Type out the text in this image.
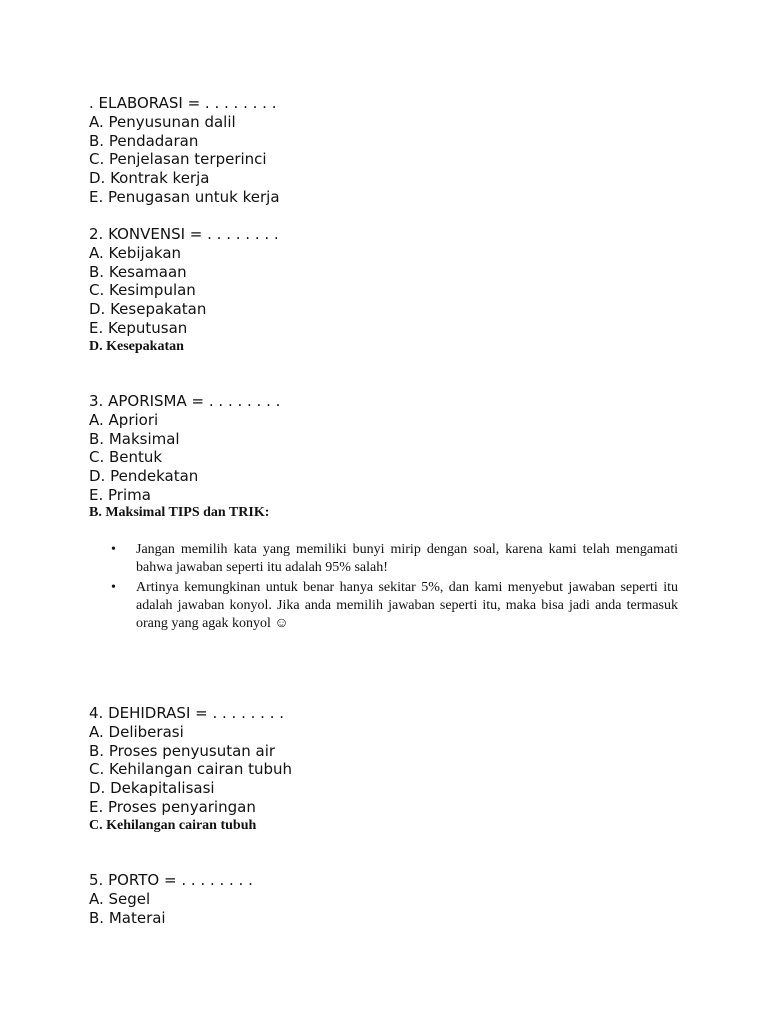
. ELABORASI = . . . . . . . .
A. Penyusunan dalil
B. Pendadaran
C. Penjelasan terperinci
D. Kontrak kerja
E. Penugasan untuk kerja
2. KONVENSI = . . . . . . . .
A. Kebijakan
B. Kesamaan
C. Kesimpulan
D. Kesepakatan
E. Keputusan
D. Kesepakatan
3. APORISMA = . . . . . . . .
A. Apriori
B. Maksimal
C. Bentuk
D. Pendekatan
E. Prima
B. Maksimal TIPS dan TRIK:
• Jangan memilih kata yang memiliki bunyi mirip dengan soal, karena kami telah mengamati bahwa jawaban seperti itu adalah 95% salah!
• Artinya kemungkinan untuk benar hanya sekitar 5%, dan kami menyebut jawaban seperti itu adalah jawaban konyol. Jika anda memilih jawaban seperti itu, maka bisa jadi anda termasuk orang yang agak konyol ☺
4. DEHIDRASI = . . . . . . . .
A. Deliberasi
B. Proses penyusutan air
C. Kehilangan cairan tubuh
D. Dekapitalisasi
E. Proses penyaringan
C. Kehilangan cairan tubuh
5. PORTO = . . . . . . . .
A. Segel
B. Materai
